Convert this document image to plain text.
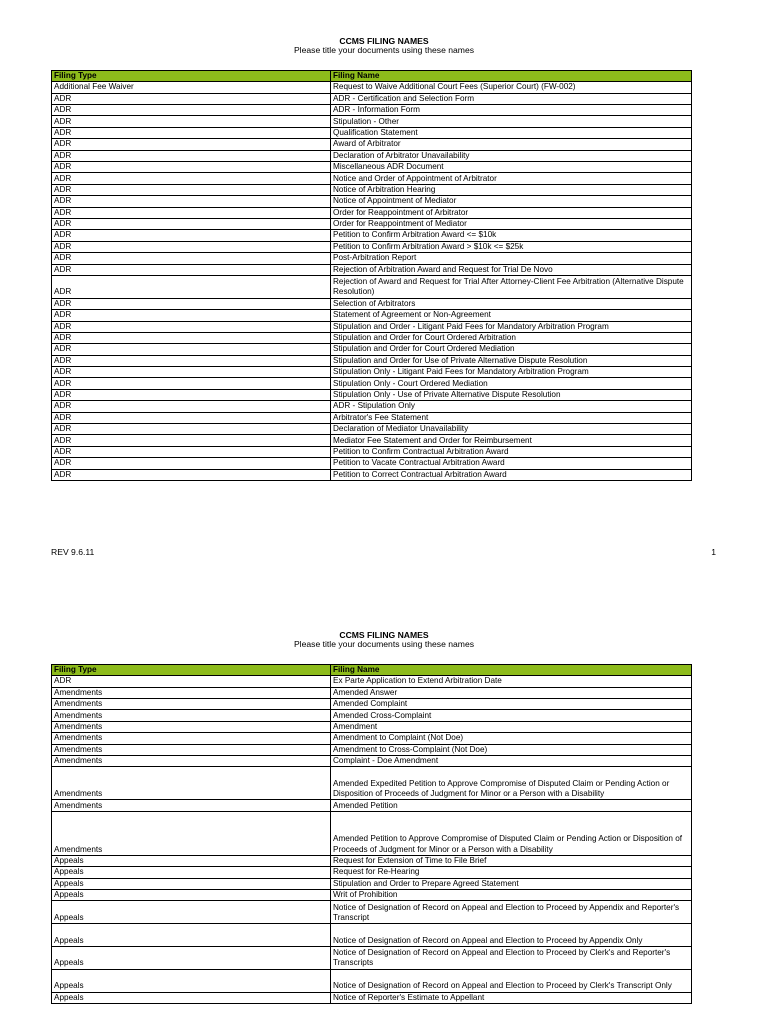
CCMS FILING NAMES
Please title your documents using these names
Filing Type	Filing Name
Additional Fee Waiver	Request to Waive Additional Court Fees (Superior Court) (FW-002)
ADR	ADR - Certification and Selection Form
ADR	ADR - Information Form
ADR	Stipulation - Other
ADR	Qualification Statement
ADR	Award of Arbitrator
ADR	Declaration of Arbitrator Unavailability
ADR	Miscellaneous ADR Document
ADR	Notice and Order of Appointment of Arbitrator
ADR	Notice of Arbitration Hearing
ADR	Notice of Appointment of Mediator
ADR	Order for Reappointment of Arbitrator
ADR	Order for Reappointment of Mediator
ADR	Petition to Confirm Arbitration Award <= $10k
ADR	Petition to Confirm Arbitration Award > $10k <= $25k
ADR	Post-Arbitration Report
ADR	Rejection of Arbitration Award and Request for Trial De Novo
ADR	Rejection of Award and Request for Trial After Attorney-Client Fee Arbitration (Alternative Dispute Resolution)
ADR	Selection of Arbitrators
ADR	Statement of Agreement or Non-Agreement
ADR	Stipulation and Order - Litigant Paid Fees for Mandatory Arbitration Program
ADR	Stipulation and Order for Court Ordered Arbitration
ADR	Stipulation and Order for Court Ordered Mediation
ADR	Stipulation and Order for Use of Private Alternative Dispute Resolution
ADR	Stipulation Only - Litigant Paid Fees for Mandatory Arbitration Program
ADR	Stipulation Only - Court Ordered Mediation
ADR	Stipulation Only - Use of Private Alternative Dispute Resolution
ADR	ADR - Stipulation Only
ADR	Arbitrator's Fee Statement
ADR	Declaration of Mediator Unavailability
ADR	Mediator Fee Statement and Order for Reimbursement
ADR	Petition to Confirm Contractual Arbitration Award
ADR	Petition to Vacate Contractual Arbitration Award
ADR	Petition to Correct Contractual Arbitration Award
REV 9.6.11	1
CCMS FILING NAMES
Please title your documents using these names
Filing Type	Filing Name
ADR	Ex Parte Application to Extend Arbitration Date
Amendments	Amended Answer
Amendments	Amended Complaint
Amendments	Amended Cross-Complaint
Amendments	Amendment
Amendments	Amendment to Complaint (Not Doe)
Amendments	Amendment to Cross-Complaint (Not Doe)
Amendments	Complaint - Doe Amendment
Amendments	Amended Expedited Petition to Approve Compromise of Disputed Claim or Pending Action or Disposition of Proceeds of Judgment for Minor or a Person with a Disability
Amendments	Amended Petition
Amendments	Amended Petition to Approve Compromise of Disputed Claim or Pending Action or Disposition of Proceeds of Judgment for Minor or a Person with a Disability
Appeals	Request for Extension of Time to File Brief
Appeals	Request for Re-Hearing
Appeals	Stipulation and Order to Prepare Agreed Statement
Appeals	Writ of Prohibition
Appeals	Notice of Designation of Record on Appeal and Election to Proceed by Appendix and Reporter's Transcript
Appeals	Notice of Designation of Record on Appeal and Election to Proceed by Appendix Only
Appeals	Notice of Designation of Record on Appeal and Election to Proceed by Clerk's and Reporter's Transcripts
Appeals	Notice of Designation of Record on Appeal and Election to Proceed by Clerk's Transcript Only
Appeals	Notice of Reporter's Estimate to Appellant
